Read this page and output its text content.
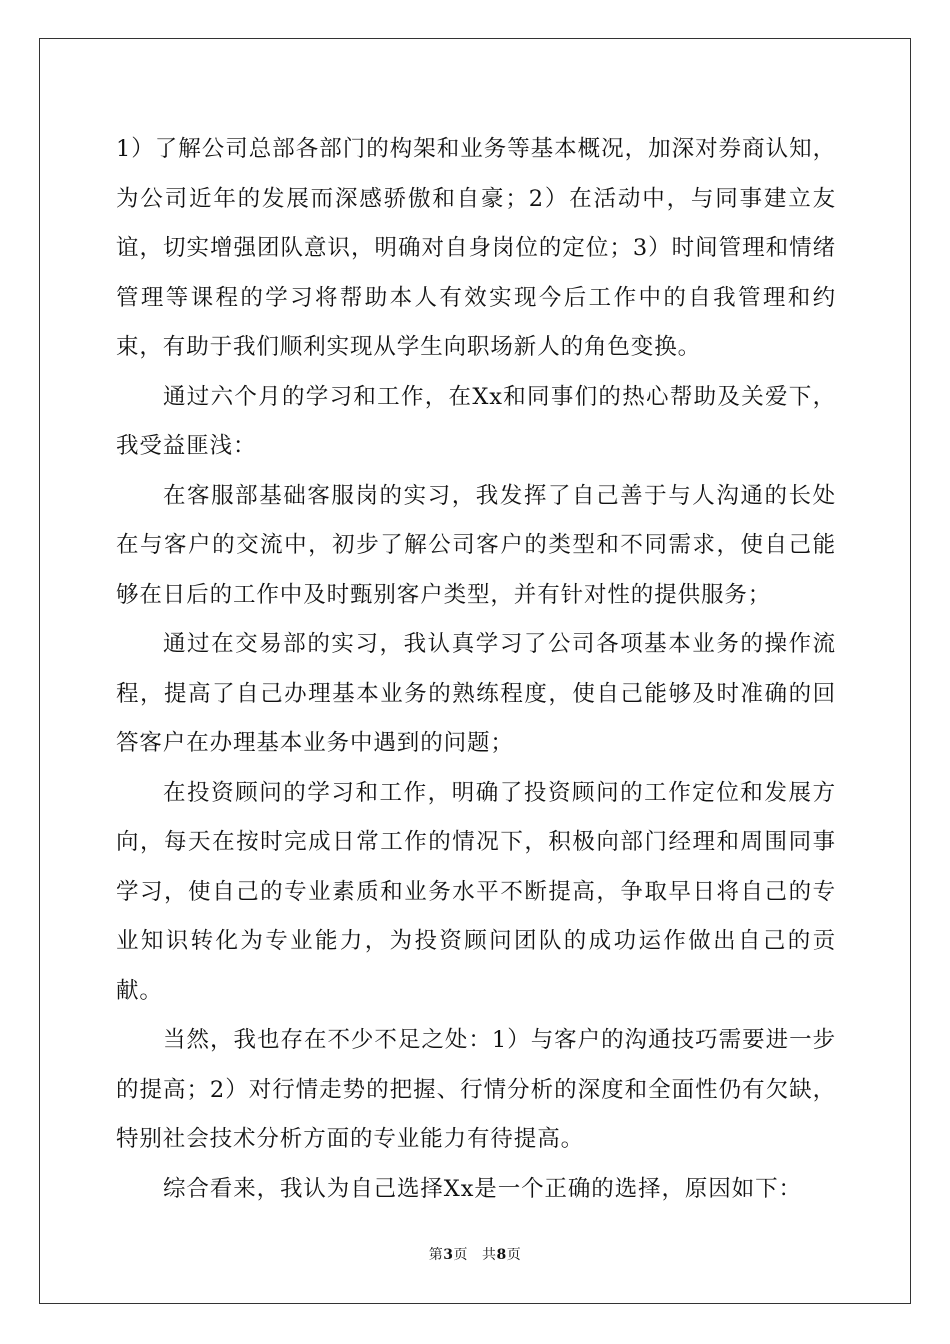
1）了解公司总部各部门的构架和业务等基本概况，加深对券商认知，为公司近年的发展而深感骄傲和自豪；2）在活动中，与同事建立友谊，切实增强团队意识，明确对自身岗位的定位；3）时间管理和情绪管理等课程的学习将帮助本人有效实现今后工作中的自我管理和约束，有助于我们顺利实现从学生向职场新人的角色变换。

通过六个月的学习和工作，在Xx和同事们的热心帮助及关爱下，我受益匪浅：

在客服部基础客服岗的实习，我发挥了自己善于与人沟通的长处在与客户的交流中，初步了解公司客户的类型和不同需求，使自己能够在日后的工作中及时甄别客户类型，并有针对性的提供服务；

通过在交易部的实习，我认真学习了公司各项基本业务的操作流程，提高了自己办理基本业务的熟练程度，使自己能够及时准确的回答客户在办理基本业务中遇到的问题；

在投资顾问的学习和工作，明确了投资顾问的工作定位和发展方向，每天在按时完成日常工作的情况下，积极向部门经理和周围同事学习，使自己的专业素质和业务水平不断提高，争取早日将自己的专业知识转化为专业能力，为投资顾问团队的成功运作做出自己的贡献。

当然，我也存在不少不足之处：1）与客户的沟通技巧需要进一步的提高；2）对行情走势的把握、行情分析的深度和全面性仍有欠缺，特别社会技术分析方面的专业能力有待提高。

综合看来，我认为自己选择Xx是一个正确的选择，原因如下：

第3页 共8页
